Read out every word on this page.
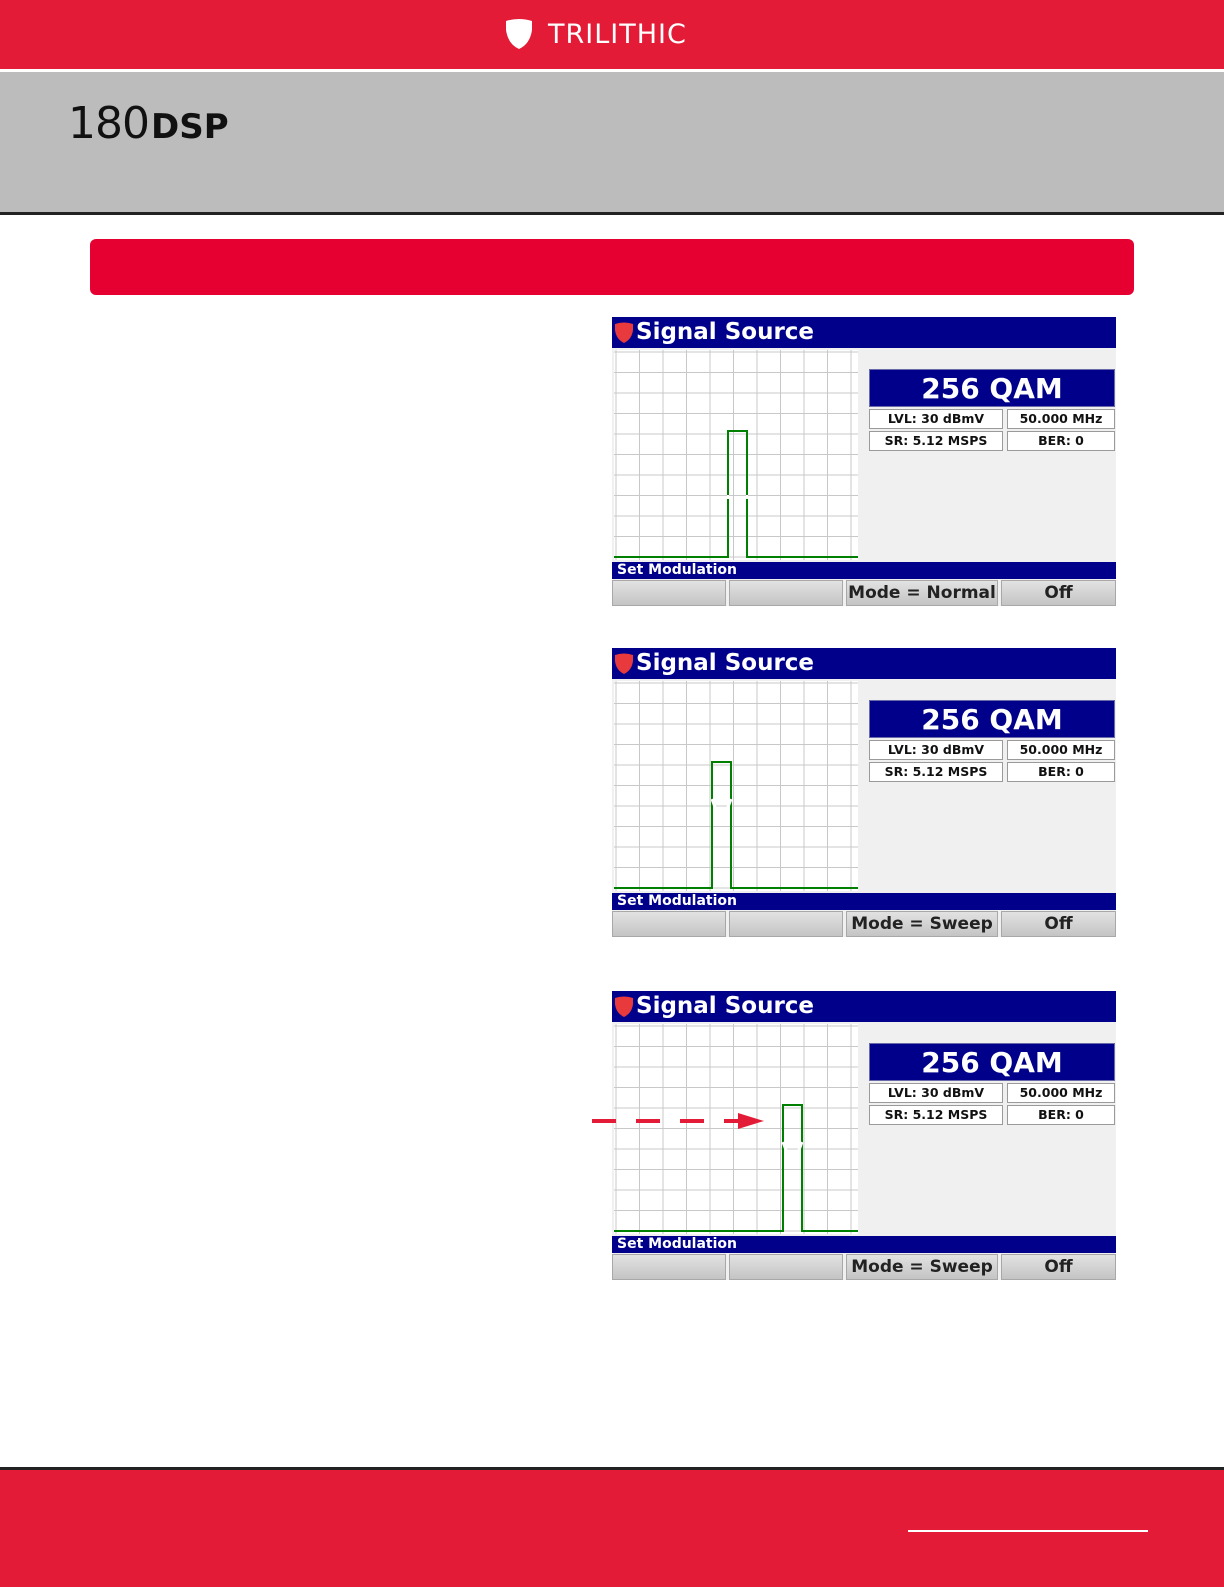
TRILITHIC
180 DSP
Signal Source
256 QAM
LVL: 30 dBmV	50.000 MHz
SR: 5.12 MSPS	BER: 0
Set Modulation
Mode = Normal	Off
Signal Source
256 QAM
LVL: 30 dBmV	50.000 MHz
SR: 5.12 MSPS	BER: 0
Set Modulation
Mode = Sweep	Off
Signal Source
256 QAM
LVL: 30 dBmV	50.000 MHz
SR: 5.12 MSPS	BER: 0
Set Modulation
Mode = Sweep	Off
